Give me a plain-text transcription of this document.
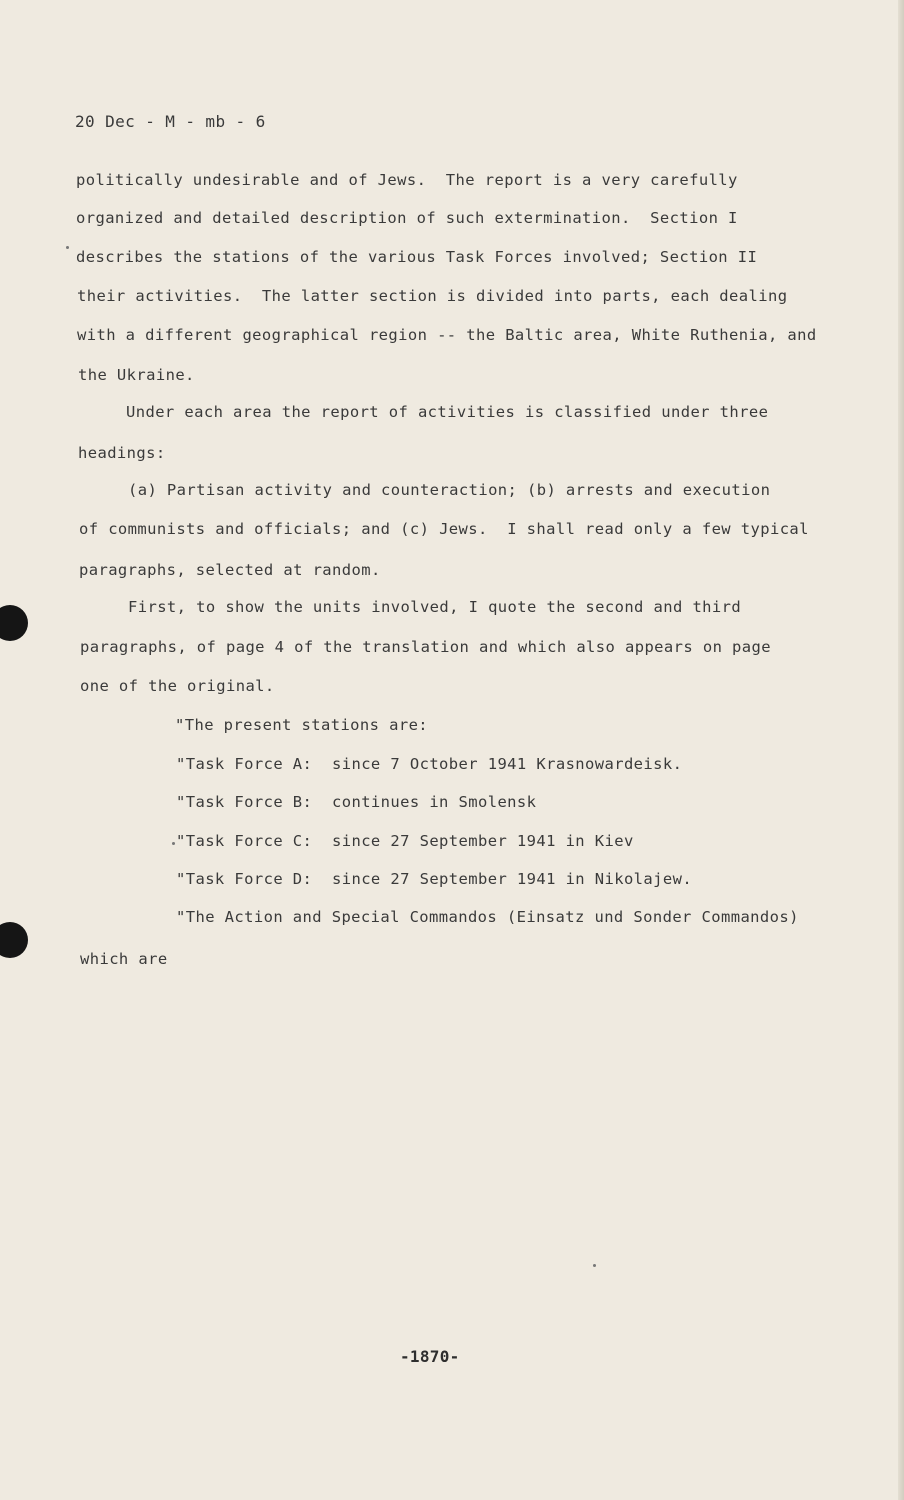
20 Dec - M - mb - 6
politically undesirable and of Jews.  The report is a very carefully
organized and detailed description of such extermination.  Section I
describes the stations of the various Task Forces involved; Section II
their activities.  The latter section is divided into parts, each dealing
with a different geographical region -- the Baltic area, White Ruthenia, and
the Ukraine.
Under each area the report of activities is classified under three
headings:
(a) Partisan activity and counteraction; (b) arrests and execution
of communists and officials; and (c) Jews.  I shall read only a few typical
paragraphs, selected at random.
First, to show the units involved, I quote the second and third
paragraphs, of page 4 of the translation and which also appears on page
one of the original.
"The present stations are:
"Task Force A: since 7 October 1941 Krasnowardeisk.
"Task Force B: continues in Smolensk
"Task Force C: since 27 September 1941 in Kiev
"Task Force D: since 27 September 1941 in Nikolajew.
"The Action and Special Commandos (Einsatz und Sonder Commandos)
which are
-1870-
